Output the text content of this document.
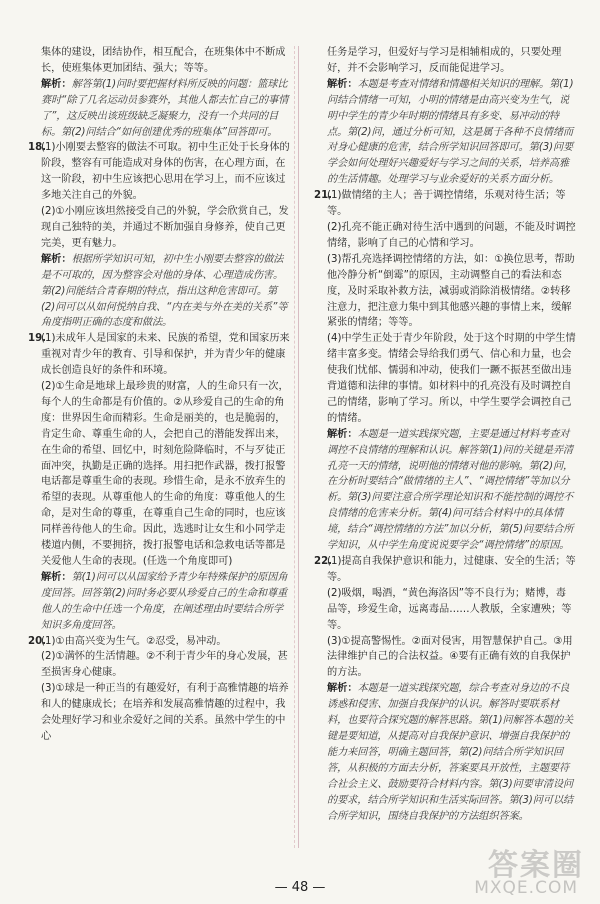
集体的建设，团结协作，相互配合，在班集体中不断成长，使班集体更加团结、强大；等等。

解析：解答第(1)问时要把握材料所反映的问题：篮球比赛时“除了几名运动员参赛外，其他人都去忙自己的事情了”，这反映出该班级缺乏凝聚力，没有一个共同的目标。第(2)问结合“如何创建优秀的班集体”回答即可。

18.(1)小刚要去整容的做法不可取。初中生正处于长身体的阶段，整容有可能造成对身体的伤害，在心理方面，在这一阶段，初中生应该把心思用在学习上，而不应该过多地关注自己的外貌。

(2)①小刚应该坦然接受自己的外貌，学会欣赏自己，发现自己独特的美，并通过不断加强自身修养，使自己更完美，更有魅力。

解析：根据所学知识可知，初中生小刚要去整容的做法是不可取的，因为整容会对他的身体、心理造成伤害。第(2)问能结合青春期的特点，指出这种危害即可。第(2)问可以从如何悦纳自我、“内在美与外在美的关系”等角度指明正确的态度和做法。

19.(1)未成年人是国家的未来、民族的希望，党和国家历来重视对青少年的教育、引导和保护，并为青少年的健康成长创造良好的条件和环境。

(2)①生命是地球上最珍贵的财富，人的生命只有一次，每个人的生命都是有价值的。②从珍爱自己的生命的角度：世界因生命而精彩。生命是丽美的，也是脆弱的，肯定生命、尊重生命的人，会把自己的潜能发挥出来，在生命的希望、回忆中，时刻危险降临时，不与歹徒正面冲突，执勤是正确的选择。用扫把作武器，拨打报警电话都是尊重生命的表现。珍惜生命，是永不放弃生的希望的表现。从尊重他人的生命的角度：尊重他人的生命，是对生命的尊重，在尊重自己生命的同时，也应该同样善待他人的生命。因此，选逃时让女生和小同学走楼道内侧，不要拥挤，拨打报警电话和急救电话等都是关爱他人生命的表现。(任选一个角度即可)

解析：第(1)问可以从国家给予青少年特殊保护的原因角度回答。回答第(2)问时务必要从珍爱自己的生命和尊重他人的生命中任选一个角度，在阐述理由时要结合所学知识多角度回答。

20.(1)①由高兴变为生气。②忍受，易冲动。

(2)①满怀的生活情趣。②不利于青少年的身心发展，甚至损害身心健康。

(3)①球是一种正当的有趣爱好，有利于高雅情趣的培养和人的健康成长；在培养和发展高雅情趣的过程中，我会处理好学习和业余爱好之间的关系。虽然中学生的中心

任务是学习，但爱好与学习是相辅相成的，只要处理好，并不会影响学习，反而能促进学习。

解析：本题是考查对情绪和情趣相关知识的理解。第(1)问结合情绪一可知，小明的情绪是由高兴变为生气，说明中学生的青少年时期的情绪具有多变、易冲动的特点。第(2)问，通过分析可知，这是属于各种不良情绪而对身心健康的危害，结合所学知识回答即可。第(3)问要学会如何处理好兴趣爱好与学习之间的关系，培养高雅的生活情趣。处理学习与业余爱好的关系方面分析。

21.(1)做情绪的主人；善于调控情绪，乐观对待生活；等等。

(2)孔亮不能正确对待生活中遇到的问题，不能及时调控情绪，影响了自己的心情和学习。

(3)帮孔亮选择调控情绪的方法，如：①换位思考，帮助他冷静分析“倒霉”的原因，主动调整自己的看法和态度，及时采取补救方法，减弱或消除消极情绪。②转移注意力，把注意力集中到其他感兴趣的事情上来，缓解紧张的情绪；等等。

(4)中学生正处于青少年阶段，处于这个时期的中学生情绪丰富多变。情绪会导给我们勇气、信心和力量，也会使我们忧郁、懦弱和冲动，使我们一蹶不振甚至做出违背道德和法律的事情。如材料中的孔亮没有及时调控自己的情绪，影响了学习。所以，中学生要学会调控自己的情绪。

解析：本题是一道实践探究题，主要是通过材料考查对调控不良情绪的理解和认识。解答第(1)问的关键是弄清孔亮一天的情绪，说明他的情绪对他的影响。第(2)问，在分析时要结合“做情绪的主人”、“调控情绪”等加以分析。第(3)问要注意合所学理论知识和不能控制的调控不良情绪的危害来分析。第(4)问可结合材料中的具体情境，结合“调控情绪的方法”加以分析，第(5)问要结合所学知识，从中学生角度说说要学会“调控情绪”的原因。

22.(1)提高自我保护意识和能力，过健康、安全的生活；等等。

(2)吸烟，喝酒，“黄色海洛因”等不良行为；赌博，毒品等，珍爱生命，远离毒品……人教版，全家遭殃；等等。

(3)①提高警惕性。②面对侵害，用智慧保护自己。③用法律维护自己的合法权益。④要有正确有效的自我保护的方法。

解析：本题是一道实践探究题，综合考查对身边的不良诱惑和侵害、加强自我保护的认识。解答时要联系材料，也要符合探究题的解答思路。第(1)问解答本题的关键是要知道，从提高对自我保护意识、增强自我保护的能力来回答，明确主题回答，第(2)问结合所学知识回答，从积极的方面去分析，答案要具开放性，主题要符合社会主义、鼓励要符合材料内容。第(3)问要审清设问的要求，结合所学知识和生活实际回答。第(3)问可以结合所学知识，围绕自我保护的方法组织答案。

— 48 —
答案圈
MXQE.COM
